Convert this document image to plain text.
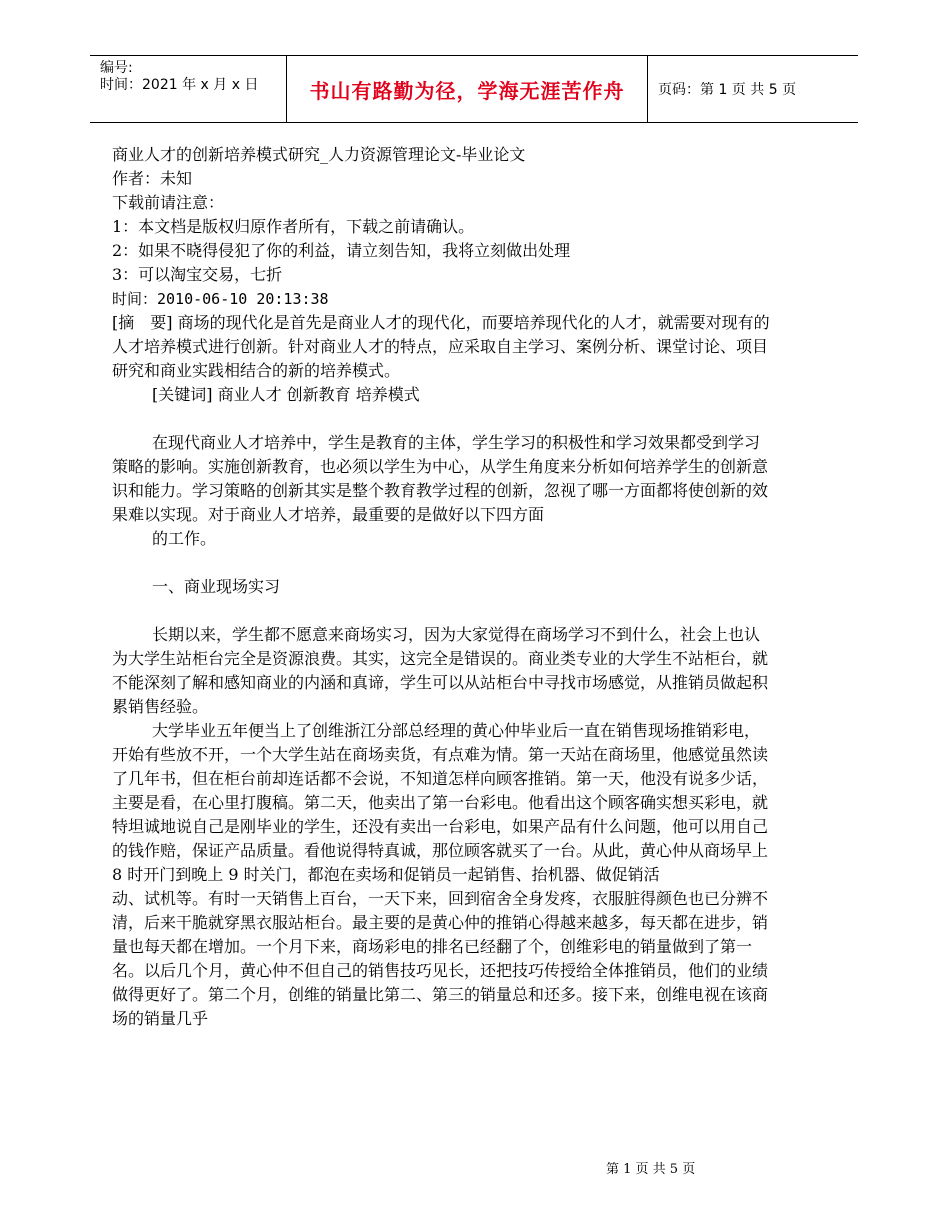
编号:
时间：2021 年 x 月 x 日	书山有路勤为径，学海无涯苦作舟	页码：第 1 页 共 5 页

商业人才的创新培养模式研究_人力资源管理论文-毕业论文

作者：未知

下载前请注意：

1：本文档是版权归原作者所有，下载之前请确认。

2：如果不晓得侵犯了你的利益，请立刻告知，我将立刻做出处理

3：可以淘宝交易，七折

时间：2010-06-10 20:13:38

[摘　要] 商场的现代化是首先是商业人才的现代化，而要培养现代化的人才，就需要对现有的人才培养模式进行创新。针对商业人才的特点，应采取自主学习、案例分析、课堂讨论、项目研究和商业实践相结合的新的培养模式。

[关键词] 商业人才 创新教育 培养模式

在现代商业人才培养中，学生是教育的主体，学生学习的积极性和学习效果都受到学习策略的影响。实施创新教育，也必须以学生为中心，从学生角度来分析如何培养学生的创新意识和能力。学习策略的创新其实是整个教育教学过程的创新，忽视了哪一方面都将使创新的效果难以实现。对于商业人才培养，最重要的是做好以下四方面

的工作。

一、商业现场实习

长期以来，学生都不愿意来商场实习，因为大家觉得在商场学习不到什么，社会上也认为大学生站柜台完全是资源浪费。其实，这完全是错误的。商业类专业的大学生不站柜台，就不能深刻了解和感知商业的内涵和真谛，学生可以从站柜台中寻找市场感觉，从推销员做起积累销售经验。

大学毕业五年便当上了创维浙江分部总经理的黄心仲毕业后一直在销售现场推销彩电，开始有些放不开，一个大学生站在商场卖货，有点难为情。第一天站在商场里，他感觉虽然读了几年书，但在柜台前却连话都不会说，不知道怎样向顾客推销。第一天，他没有说多少话，主要是看，在心里打腹稿。第二天，他卖出了第一台彩电。他看出这个顾客确实想买彩电，就特坦诚地说自己是刚毕业的学生，还没有卖出一台彩电，如果产品有什么问题，他可以用自己的钱作赔，保证产品质量。看他说得特真诚，那位顾客就买了一台。从此，黄心仲从商场早上 8 时开门到晚上 9 时关门，都泡在卖场和促销员一起销售、抬机器、做促销活

动、试机等。有时一天销售上百台，一天下来，回到宿舍全身发疼，衣服脏得颜色也已分辨不清，后来干脆就穿黑衣服站柜台。最主要的是黄心仲的推销心得越来越多，每天都在进步，销量也每天都在增加。一个月下来，商场彩电的排名已经翻了个，创维彩电的销量做到了第一名。以后几个月，黄心仲不但自己的销售技巧见长，还把技巧传授给全体推销员，他们的业绩做得更好了。第二个月，创维的销量比第二、第三的销量总和还多。接下来，创维电视在该商场的销量几乎

第 1 页 共 5 页
